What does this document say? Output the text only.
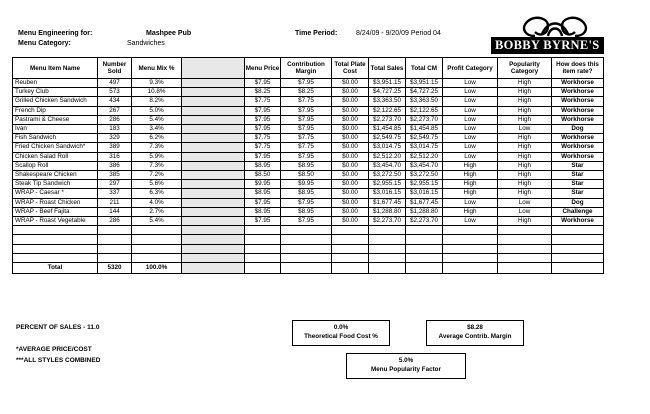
Menu Engineering for:	Mashpee Pub
Menu Category:	Sandwiches
Time Period:	8/24/09 - 9/20/09 Period 04
BOBBY BYRNE'S
Menu Item Name	Number Sold	Menu Mix %		Menu Price	Contribution Margin	Total Plate Cost	Total Sales	Total CM	Profit Category	Popularity Category	How does this item rate?
Reuben	497	9.3%		$7.95	$7.95	$0.00	$3,951.15	$3,951.15	Low	High	Workhorse
Turkey Club	573	10.8%		$8.25	$8.25	$0.00	$4,727.25	$4,727.25	Low	High	Workhorse
Grilled Chicken Sandwich	434	8.2%		$7.75	$7.75	$0.00	$3,363.50	$3,363.50	Low	High	Workhorse
French Dip	267	5.0%		$7.95	$7.95	$0.00	$2,122.65	$2,122.65	Low	High	Workhorse
Pastrami & Cheese	286	5.4%		$7.95	$7.95	$0.00	$2,273.70	$2,273.70	Low	High	Workhorse
Ivan	183	3.4%		$7.95	$7.95	$0.00	$1,454.85	$1,454.85	Low	Low	Dog
Fish Sandwich	329	6.2%		$7.75	$7.75	$0.00	$2,549.75	$2,549.75	Low	High	Workhorse
Fried Chicken Sandwich*	389	7.3%		$7.75	$7.75	$0.00	$3,014.75	$3,014.75	Low	High	Workhorse
Chicken Salad Roll	316	5.9%		$7.95	$7.95	$0.00	$2,512.20	$2,512.20	Low	High	Workhorse
Scallop Roll	386	7.3%		$8.95	$8.95	$0.00	$3,454.70	$3,454.70	High	High	Star
Shakespeare Chicken	385	7.2%		$8.50	$8.50	$0.00	$3,272.50	$3,272.50	High	High	Star
Steak Tip Sandwich	297	5.6%		$9.95	$9.95	$0.00	$2,955.15	$2,955.15	High	High	Star
WRAP - Caesar *	337	6.3%		$8.95	$8.95	$0.00	$3,016.15	$3,016.15	High	High	Star
WRAP - Roast Chicken	211	4.0%		$7.95	$7.95	$0.00	$1,677.45	$1,677.45	Low	Low	Dog
WRAP - Beef Fajita	144	2.7%		$8.95	$8.95	$0.00	$1,288.80	$1,288.80	High	Low	Challenge
WRAP - Roast Vegetable	286	5.4%		$7.95	$7.95	$0.00	$2,273.70	$2,273.70	Low	High	Workhorse

Total	5320	100.0%									
PERCENT OF SALES - 11.0
*AVERAGE PRICE/COST
***ALL STYLES COMBINED
0.0%
Theoretical Food Cost %
$8.28
Average Contrib. Margin
5.0%
Menu Popularity Factor
